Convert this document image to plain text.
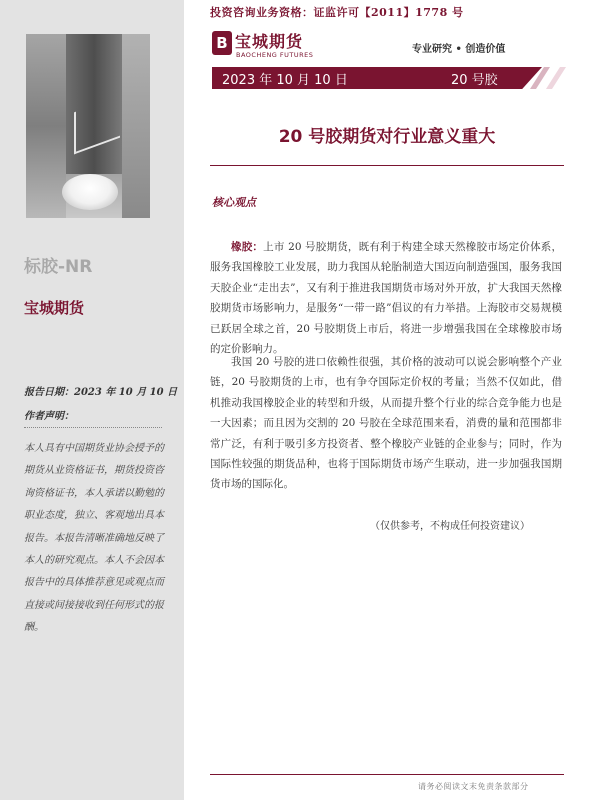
标胶-NR
宝城期货
报告日期：2023 年 10 月 10 日
作者声明：
本人具有中国期货业协会授予的期货从业资格证书，期货投资咨询资格证书，本人承诺以勤勉的职业态度，独立、客观地出具本报告。本报告清晰准确地反映了本人的研究观点。本人不会因本报告中的具体推荐意见或观点而直接或间接接收到任何形式的报酬。
投资咨询业务资格：证监许可【2011】1778 号
B 宝城期货
BAOCHENG FUTURES	专业研究 • 创造价值
2023 年 10 月 10 日	20 号胶
20 号胶期货对行业意义重大
核心观点

橡胶：上市 20 号胶期货，既有利于构建全球天然橡胶市场定价体系，服务我国橡胶工业发展，助力我国从轮胎制造大国迈向制造强国，服务我国天胶企业“走出去”，又有利于推进我国期货市场对外开放，扩大我国天然橡胶期货市场影响力，是服务“一带一路”倡议的有力举措。上海胶市交易规模已跃居全球之首，20 号胶期货上市后，将进一步增强我国在全球橡胶市场的定价影响力。

我国 20 号胶的进口依赖性很强，其价格的波动可以说会影响整个产业链，20 号胶期货的上市，也有争夺国际定价权的考量；当然不仅如此，借机推动我国橡胶企业的转型和升级，从而提升整个行业的综合竞争能力也是一大因素；而且因为交割的 20 号胶在全球范围来看，消费的量和范围都非常广泛，有利于吸引多方投资者、整个橡胶产业链的企业参与；同时，作为国际性较强的期货品种，也将于国际期货市场产生联动，进一步加强我国期货市场的国际化。

（仅供参考，不构成任何投资建议）
请务必阅读文末免责条款部分
